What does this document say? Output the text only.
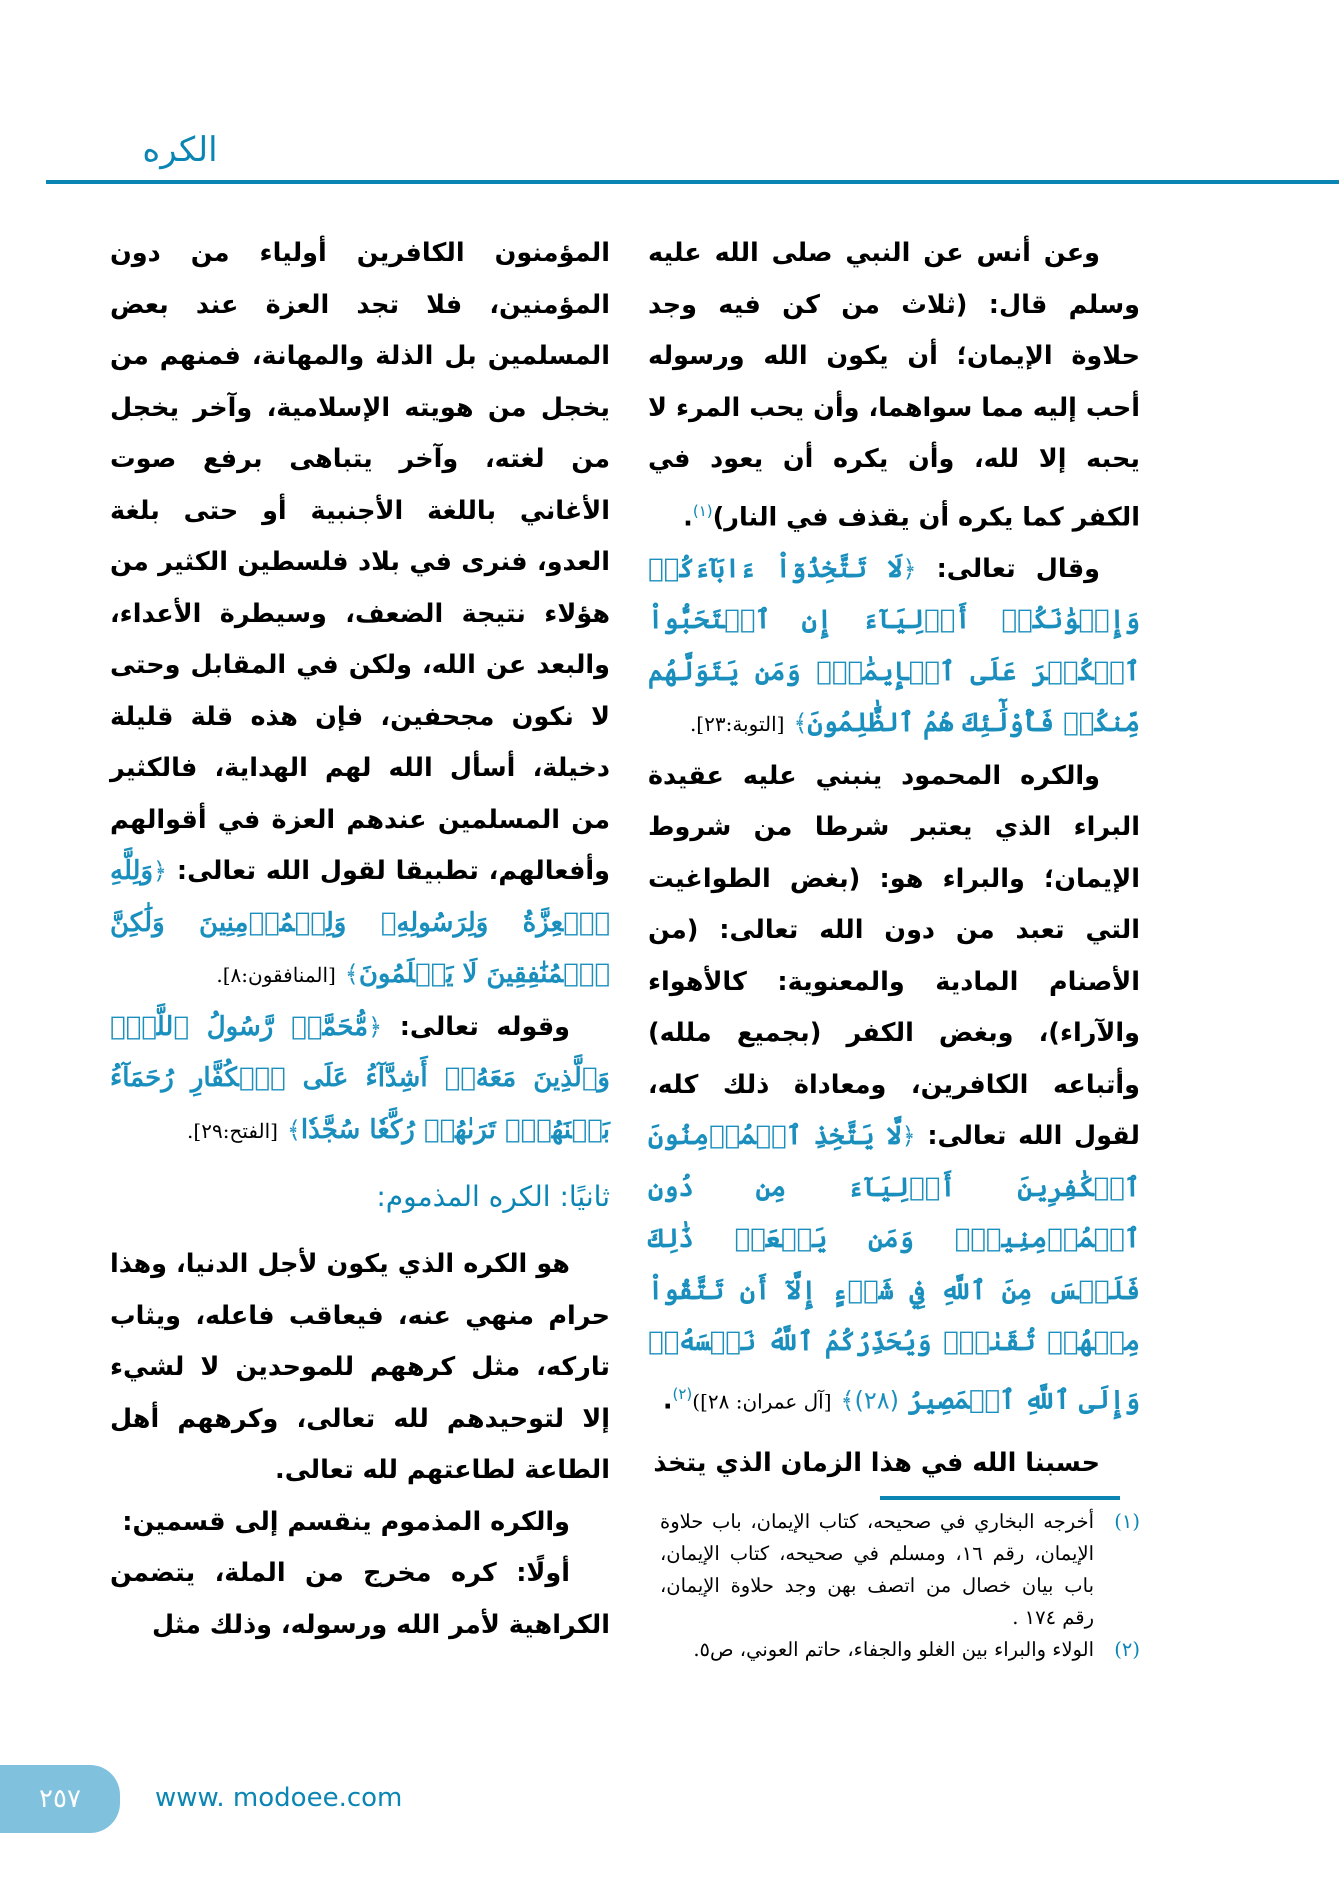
الكره

وعن أنس عن النبي صلى الله عليه وسلم قال: (ثلاث من كن فيه وجد حلاوة الإيمان؛ أن يكون الله ورسوله أحب إليه مما سواهما، وأن يحب المرء لا يحبه إلا لله، وأن يكره أن يعود في الكفر كما يكره أن يقذف في النار)$^{(١)}$.

وقال تعالى: ﴿لَا تَتَّخِذُوٓاْ ءَابَآءَكُمۡ وَإِخۡوَٰنَكُمۡ أَوۡلِيَآءَ إِنِ ٱسۡتَحَبُّواْ ٱلۡكُفۡرَ عَلَى ٱلۡإِيمَٰنِۚ وَمَن يَتَوَلَّهُم مِّنكُمۡ فَأُوْلَٰٓئِكَ هُمُ ٱلظَّٰلِمُونَ﴾ [التوبة:٢٣].

والكره المحمود ينبني عليه عقيدة البراء الذي يعتبر شرطا من شروط الإيمان؛ والبراء هو: (بغض الطواغيت التي تعبد من دون الله تعالى: (من الأصنام المادية والمعنوية: كالأهواء والآراء)، وبغض الكفر (بجميع ملله) وأتباعه الكافرين، ومعاداة ذلك كله، لقول الله تعالى: ﴿لَّا يَتَّخِذِ ٱلۡمُؤۡمِنُونَ ٱلۡكَٰفِرِينَ أَوۡلِيَآءَ مِن دُونِ ٱلۡمُؤۡمِنِينَۖ وَمَن يَفۡعَلۡ ذَٰلِكَ فَلَيۡسَ مِنَ ٱللَّهِ فِي شَيۡءٍ إِلَّآ أَن تَتَّقُواْ مِنۡهُمۡ تُقَىٰةٗۗ وَيُحَذِّرُكُمُ ٱللَّهُ نَفۡسَهُۥۗ وَإِلَى ٱللَّهِ ٱلۡمَصِيرُ (٢٨)﴾ [آل عمران: ٢٨])$^{(٢)}$.

حسبنا الله في هذا الزمان الذي يتخذ

المؤمنون الكافرين أولياء من دون المؤمنين، فلا تجد العزة عند بعض المسلمين بل الذلة والمهانة، فمنهم من يخجل من هويته الإسلامية، وآخر يخجل من لغته، وآخر يتباهى برفع صوت الأغاني باللغة الأجنبية أو حتى بلغة العدو، فنرى في بلاد فلسطين الكثير من هؤلاء نتيجة الضعف، وسيطرة الأعداء، والبعد عن الله، ولكن في المقابل وحتى لا نكون مجحفين، فإن هذه قلة قليلة دخيلة، أسأل الله لهم الهداية، فالكثير من المسلمين عندهم العزة في أقوالهم وأفعالهم، تطبيقا لقول الله تعالى: ﴿وَلِلَّهِ ٱلۡعِزَّةُ وَلِرَسُولِهِۦ وَلِلۡمُؤۡمِنِينَ وَلَٰكِنَّ ٱلۡمُنَٰفِقِينَ لَا يَعۡلَمُونَ﴾ [المنافقون:٨].

وقوله تعالى: ﴿مُّحَمَّدٞ رَّسُولُ ٱللَّهِۚ وَٱلَّذِينَ مَعَهُۥٓ أَشِدَّآءُ عَلَى ٱلۡكُفَّارِ رُحَمَآءُ بَيۡنَهُمۡۖ تَرَىٰهُمۡ رُكَّعٗا سُجَّدٗا﴾ [الفتح:٢٩].

ثانيًا: الكره المذموم:

هو الكره الذي يكون لأجل الدنيا، وهذا حرام منهي عنه، فيعاقب فاعله، ويثاب تاركه، مثل كرههم للموحدين لا لشيء إلا لتوحيدهم لله تعالى، وكرههم أهل الطاعة لطاعتهم لله تعالى.

والكره المذموم ينقسم إلى قسمين:

أولًا: كره مخرج من الملة، يتضمن الكراهية لأمر الله ورسوله، وذلك مثل

(١)
أخرجه البخاري في صحيحه، كتاب الإيمان، باب حلاوة الإيمان، رقم ١٦، ومسلم في صحيحه، كتاب الإيمان، باب بيان خصال من اتصف بهن وجد حلاوة الإيمان، رقم ١٧٤ .
(٢)
الولاء والبراء بين الغلو والجفاء، حاتم العوني، ص٥.
٢٥٧	www. modoee.com
